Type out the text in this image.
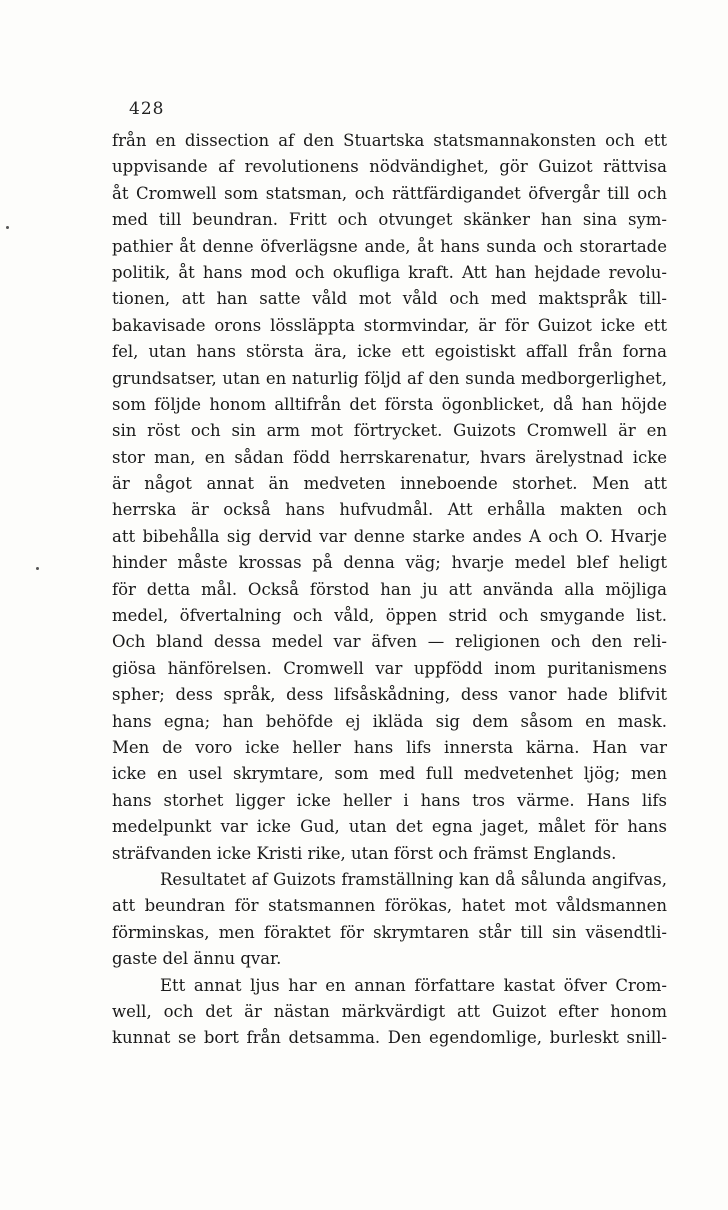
428
från en dissection af den Stuartska statsmannakonsten och ett
uppvisande af revolutionens nödvändighet, gör Guizot rättvisa
åt Cromwell som statsman, och rättfärdigandet öfvergår till och
med till beundran. Fritt och otvunget skänker han sina sym-
pathier åt denne öfverlägsne ande, åt hans sunda och storartade
politik, åt hans mod och okufliga kraft. Att han hejdade revolu-
tionen, att han satte våld mot våld och med maktspråk till-
bakavisade orons lössläppta stormvindar, är för Guizot icke ett
fel, utan hans största ära, icke ett egoistiskt affall från forna
grundsatser, utan en naturlig följd af den sunda medborgerlighet,
som följde honom alltifrån det första ögonblicket, då han höjde
sin röst och sin arm mot förtrycket. Guizots Cromwell är en
stor man, en sådan född herrskarenatur, hvars ärelystnad icke
är något annat än medveten inneboende storhet. Men att
herrska är också hans hufvudmål. Att erhålla makten och
att bibehålla sig dervid var denne starke andes A och O. Hvarje
hinder måste krossas på denna väg; hvarje medel blef heligt
för detta mål. Också förstod han ju att använda alla möjliga
medel, öfvertalning och våld, öppen strid och smygande list.
Och bland dessa medel var äfven — religionen och den reli-
giösa hänförelsen. Cromwell var uppfödd inom puritanismens
spher; dess språk, dess lifsåskådning, dess vanor hade blifvit
hans egna; han behöfde ej ikläda sig dem såsom en mask.
Men de voro icke heller hans lifs innersta kärna. Han var
icke en usel skrymtare, som med full medvetenhet ljög; men
hans storhet ligger icke heller i hans tros värme. Hans lifs
medelpunkt var icke Gud, utan det egna jaget, målet för hans
sträfvanden icke Kristi rike, utan först och främst Englands.
Resultatet af Guizots framställning kan då sålunda angifvas,
att beundran för statsmannen förökas, hatet mot våldsmannen
förminskas, men föraktet för skrymtaren står till sin väsendtli-
gaste del ännu qvar.
Ett annat ljus har en annan författare kastat öfver Crom-
well, och det är nästan märkvärdigt att Guizot efter honom
kunnat se bort från detsamma. Den egendomlige, burleskt snill-
